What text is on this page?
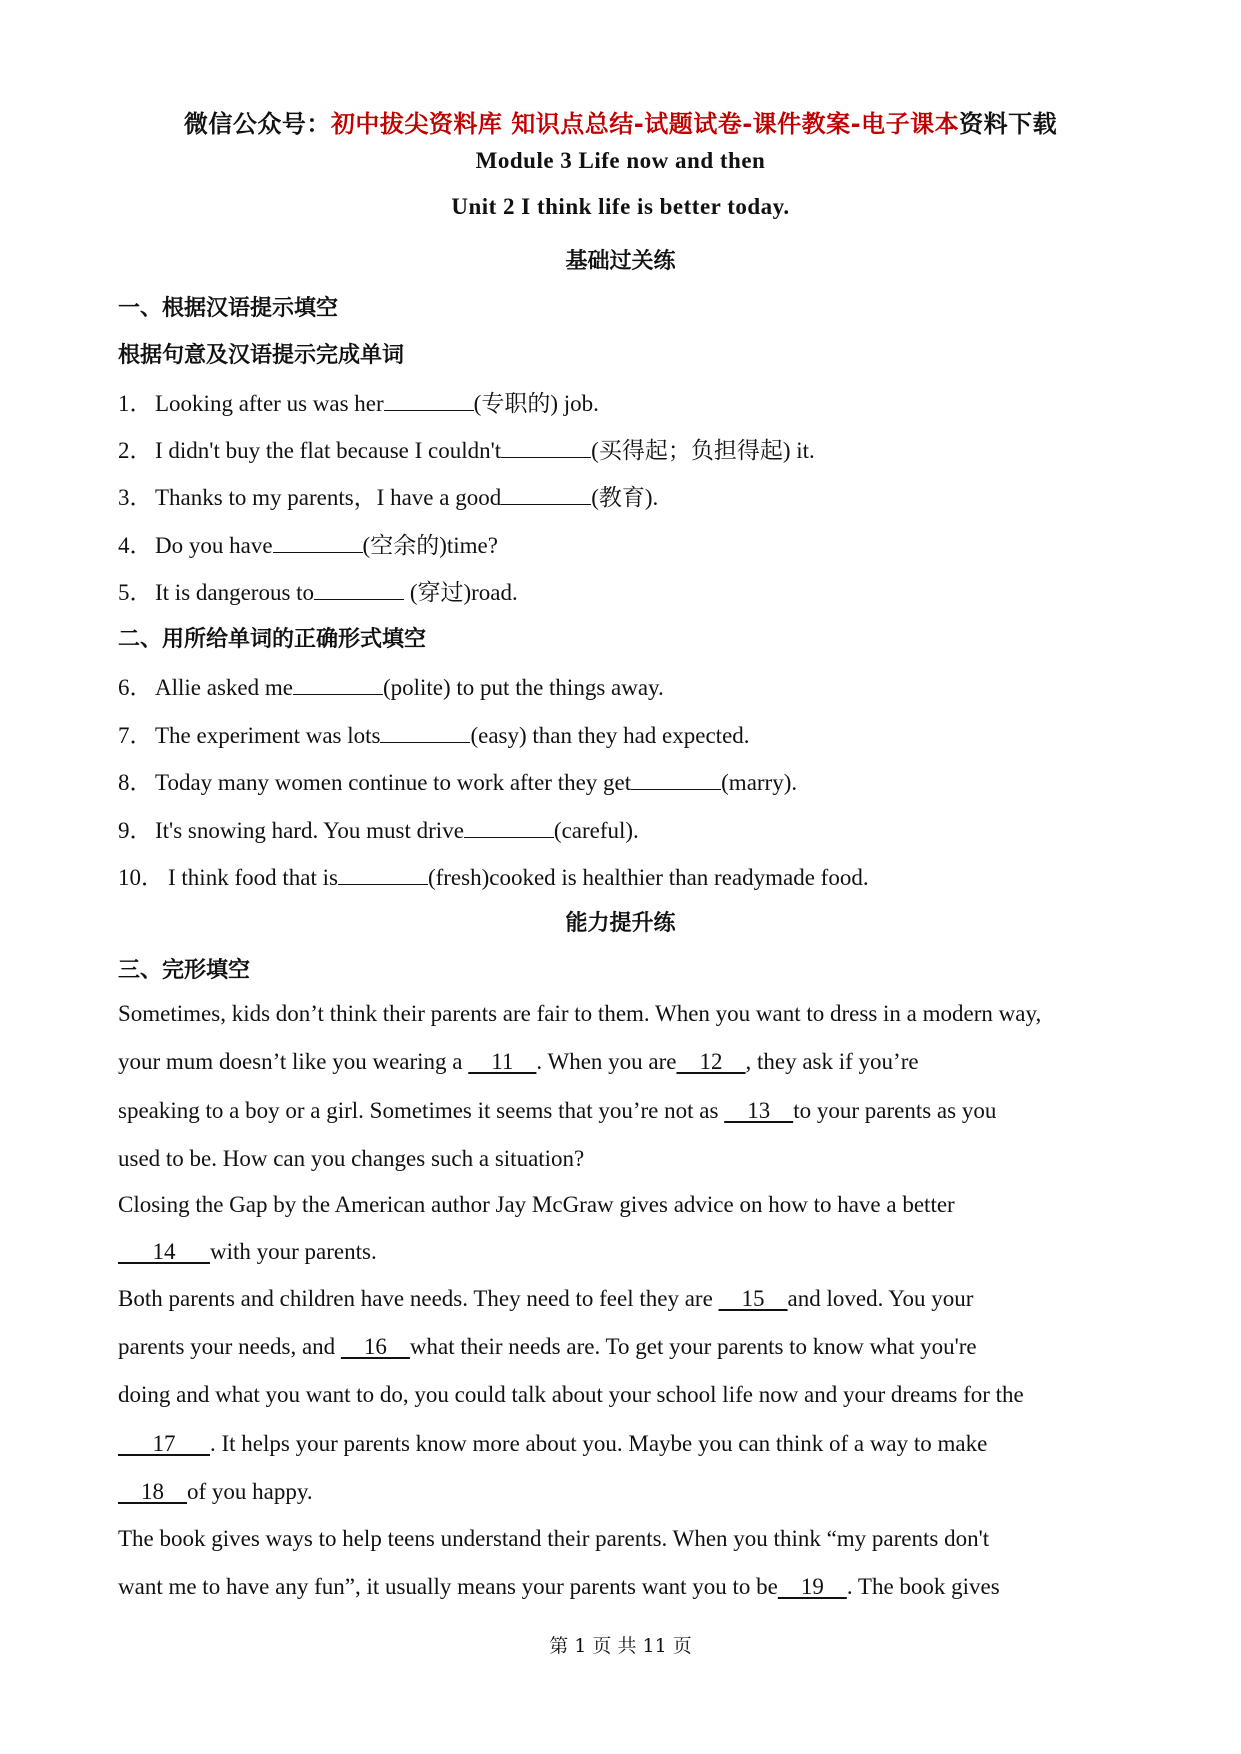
微信公众号：初中拔尖资料库 知识点总结-试题试卷-课件教案-电子课本资料下载
Module 3 Life now and then
Unit 2 I think life is better today.
基础过关练
一、根据汉语提示填空
根据句意及汉语提示完成单词
1． Looking after us was her	(专职的) job.
2． I didn't buy the flat because I couldn't	(买得起；负担得起) it.
3． Thanks to my parents，I have a good	(教育).
4． Do you have	(空余的)time?
5． It is dangerous to	(穿过)road.
二、用所给单词的正确形式填空
6． Allie asked me	(polite) to put the things away.
7． The experiment was lots	(easy) than they had expected.
8． Today many women continue to work after they get	(marry).
9． It's snowing hard. You must drive	(careful).
10． I think food that is	(fresh)cooked is healthier than readymade food.
能力提升练
三、完形填空
Sometimes, kids don’t think their parents are fair to them. When you want to dress in a modern way,
your mum doesn’t like you wearing a     11    . When you are    12    , they ask if you’re
speaking to a boy or a girl. Sometimes it seems that you’re not as     13    to your parents as you
used to be. How can you changes such a situation?
Closing the Gap by the American author Jay McGraw gives advice on how to have a better
14      with your parents.
Both parents and children have needs. They need to feel they are     15    and loved. You your
parents your needs, and     16    what their needs are. To get your parents to know what you're
doing and what you want to do, you could talk about your school life now and your dreams for the
17      . It helps your parents know more about you. Maybe you can think of a way to make
18    of you happy.
The book gives ways to help teens understand their parents. When you think “my parents don't
want me to have any fun”, it usually means your parents want you to be    19    . The book gives
第 1 页 共 11 页
